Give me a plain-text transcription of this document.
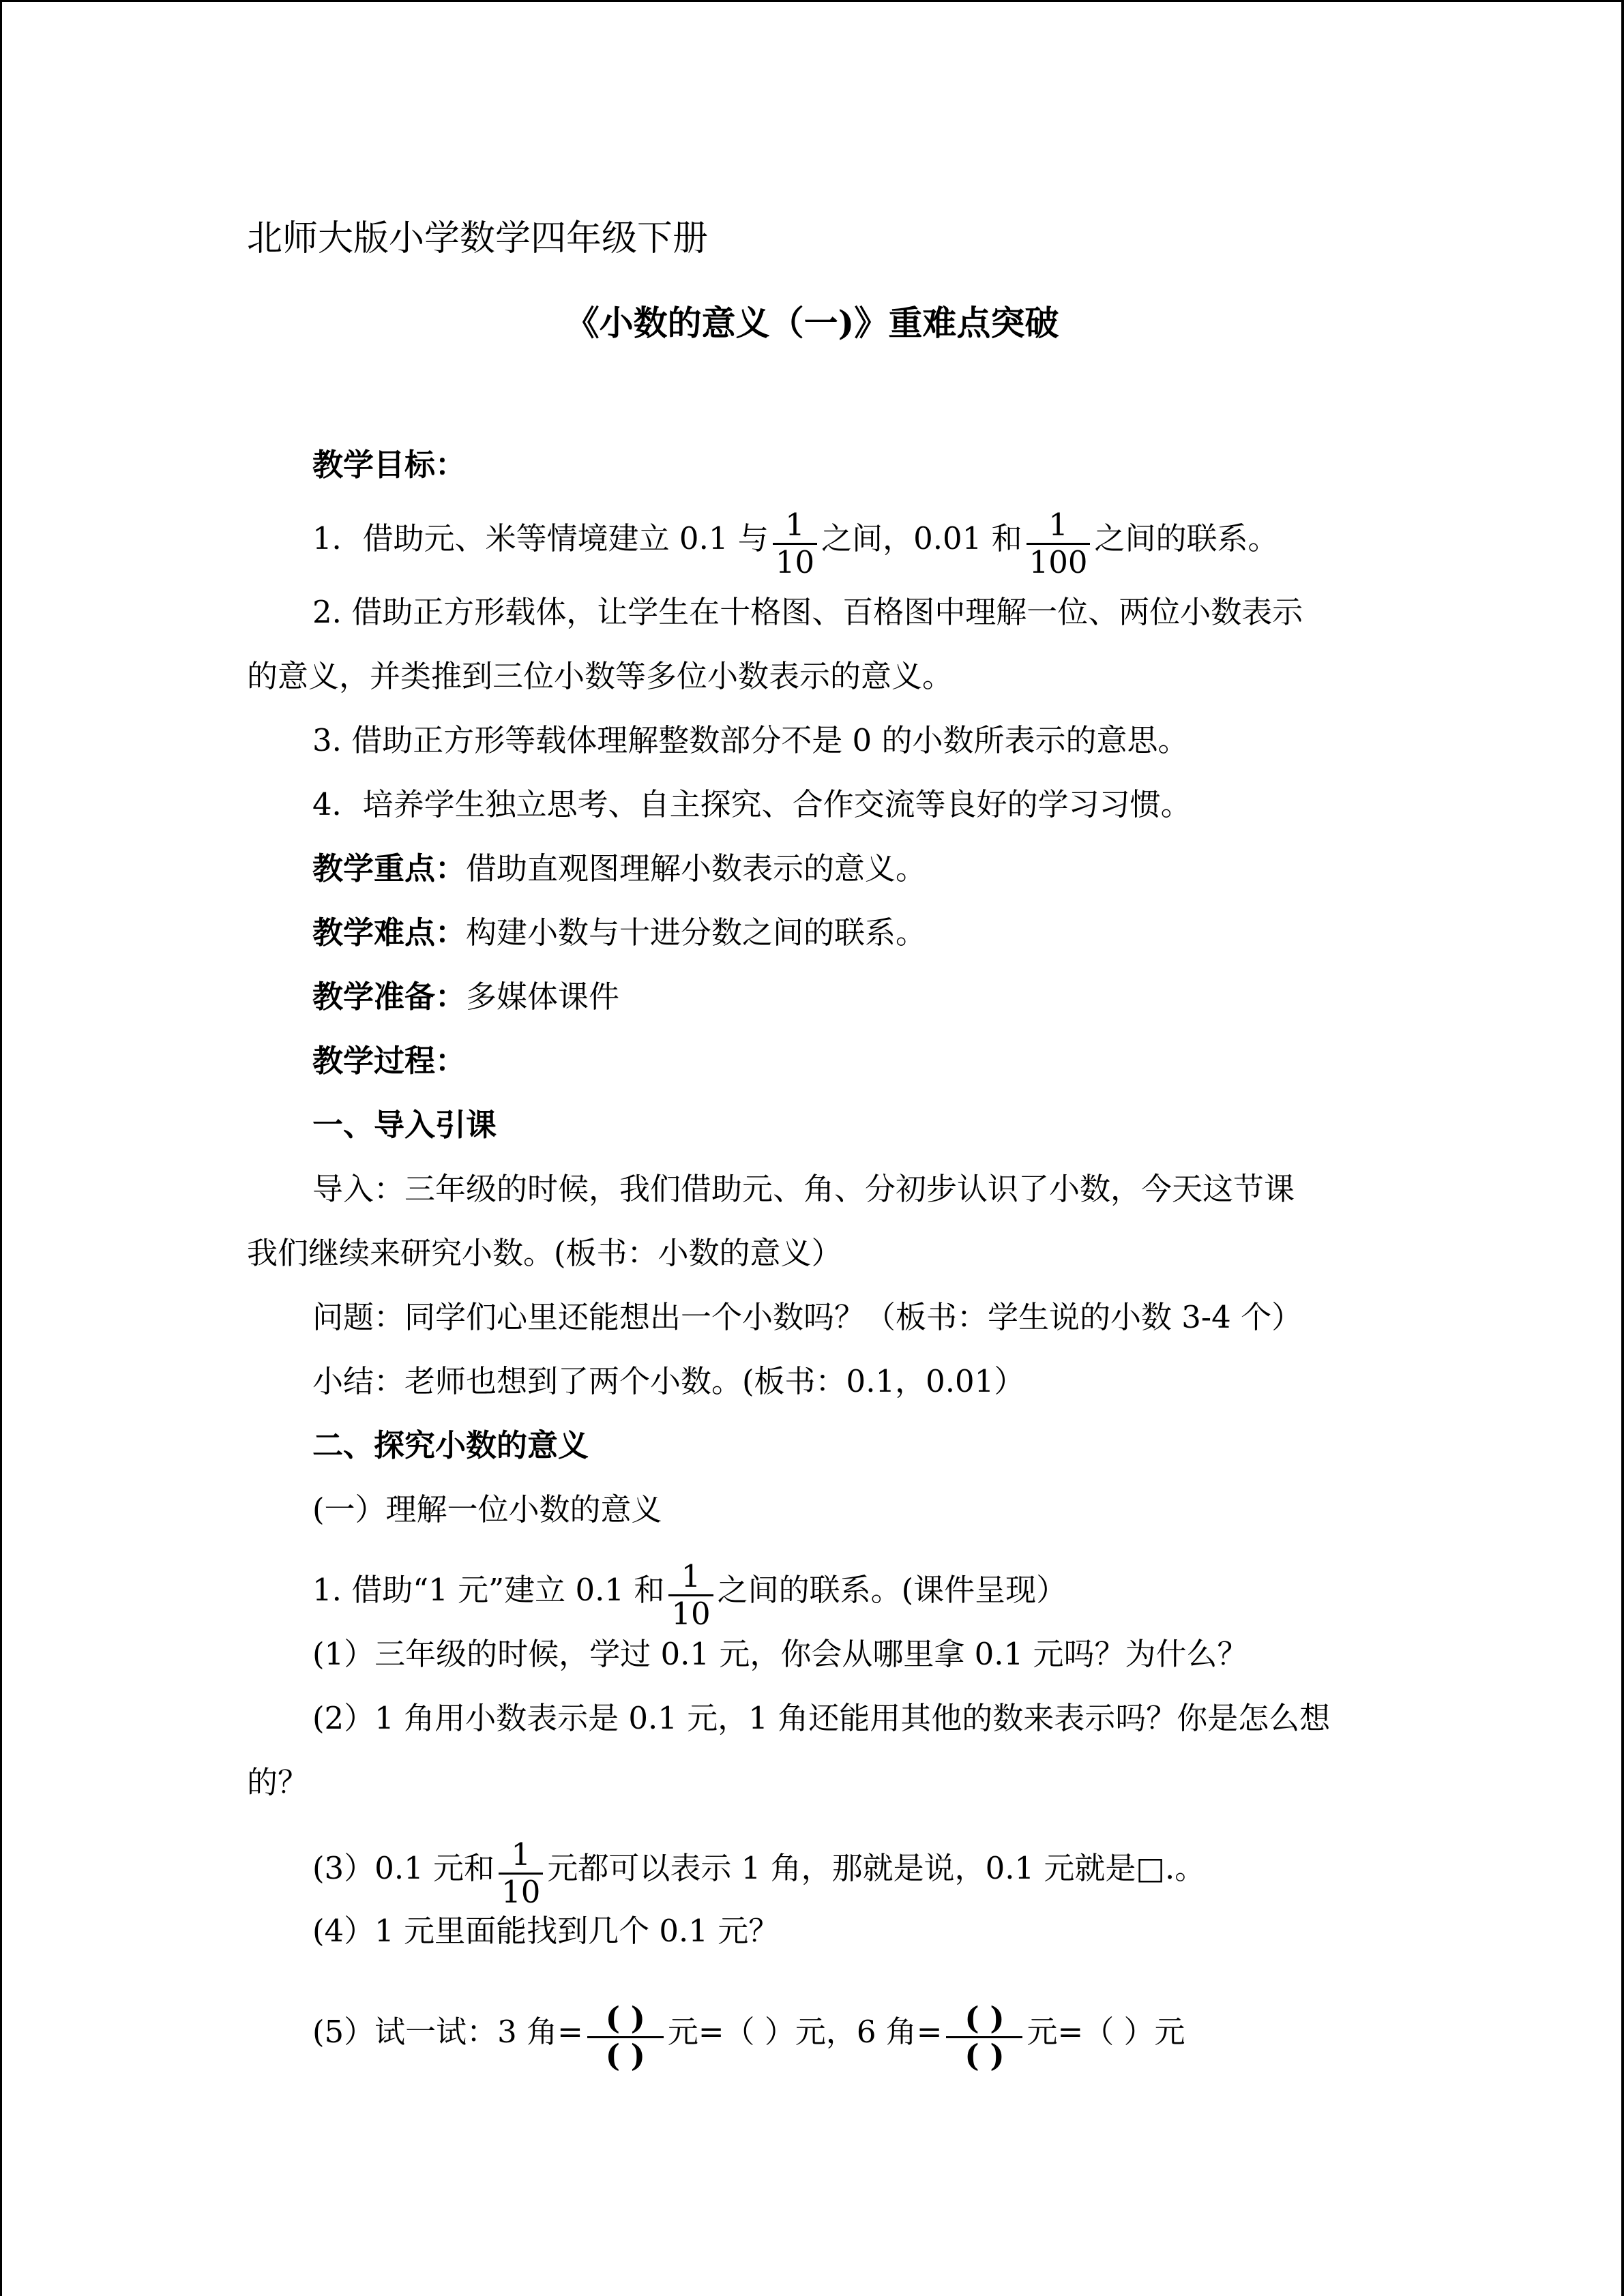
北师大版小学数学四年级下册
《小数的意义（一)》重难点突破
教学目标：
1．借助元、米等情境建立 0.1 与 $\frac{1}{10}$ 之间，0.01 和 $\frac{1}{100}$ 之间的联系。
2. 借助正方形载体，让学生在十格图、百格图中理解一位、两位小数表示
的意义，并类推到三位小数等多位小数表示的意义。
3. 借助正方形等载体理解整数部分不是 0 的小数所表示的意思。
4．培养学生独立思考、自主探究、合作交流等良好的学习习惯。
教学重点：借助直观图理解小数表示的意义。
教学难点：构建小数与十进分数之间的联系。
教学准备：多媒体课件
教学过程：
一、导入引课
导入：三年级的时候，我们借助元、角、分初步认识了小数，今天这节课
我们继续来研究小数。(板书：小数的意义）
问题：同学们心里还能想出一个小数吗？（板书：学生说的小数 3-4 个）
小结：老师也想到了两个小数。(板书：0.1，0.01）
二、探究小数的意义
(一）理解一位小数的意义
1. 借助“1 元”建立 0.1 和 $\frac{1}{10}$ 之间的联系。(课件呈现）
(1）三年级的时候，学过 0.1 元，你会从哪里拿 0.1 元吗？为什么？
(2）1 角用小数表示是 0.1 元，1 角还能用其他的数来表示吗？你是怎么想
的？
(3）0.1 元和 $\frac{1}{10}$ 元都可以表示 1 角，那就是说，0.1 元就是□.。
(4）1 元里面能找到几个 0.1 元？
(5）试一试：3 角= $\frac{( )}{( )}$ 元=（ ）元，6 角= $\frac{( )}{( )}$ 元=（ ）元
